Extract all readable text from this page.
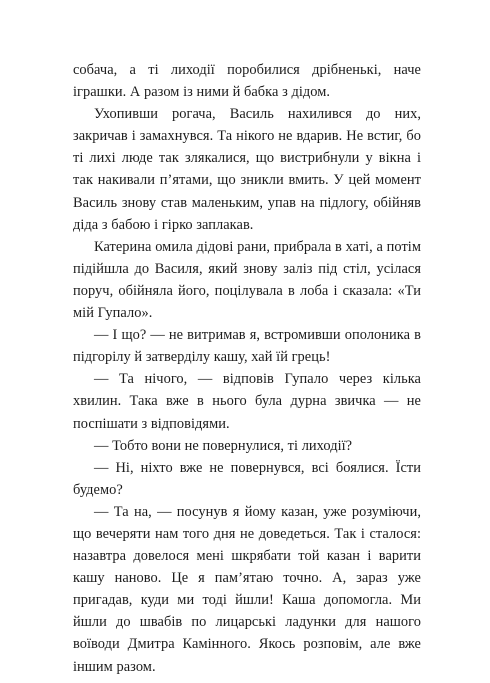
собача, а ті лиходії поробилися дрібненькі, наче іграшки. А разом із ними й бабка з дідом.

Ухопивши рогача, Василь нахилився до них, закричав і замахнувся. Та нікого не вдарив. Не встиг, бо ті лихі люде так злякалися, що вистрибнули у вікна і так накивали п’ятами, що зникли вмить. У цей момент Василь знову став маленьким, упав на підлогу, обійняв діда з бабою і гірко заплакав.

Катерина омила дідові рани, прибрала в хаті, а потім підійшла до Василя, який знову заліз під стіл, усілася поруч, обійняла його, поцілувала в лоба і сказала: «Ти мій Гупало».

— І що? — не витримав я, встромивши ополоника в підгорілу й затверділу кашу, хай їй грець!

— Та нічого, — відповів Гупало через кілька хвилин. Така вже в нього була дурна звичка — не поспішати з відповідями.

— Тобто вони не повернулися, ті лиходії?

— Ні, ніхто вже не повернувся, всі боялися. Їсти будемо?

— Та на, — посунув я йому казан, уже розуміючи, що вечеряти нам того дня не доведеться. Так і сталося: назавтра довелося мені шкрябати той казан і варити кашу наново. Це я пам’ятаю точно. А, зараз уже пригадав, куди ми тоді йшли! Каша допомогла. Ми йшли до швабів по лицарські ладунки для нашого воїводи Дмитра Камінного. Якось розповім, але вже іншим разом.
